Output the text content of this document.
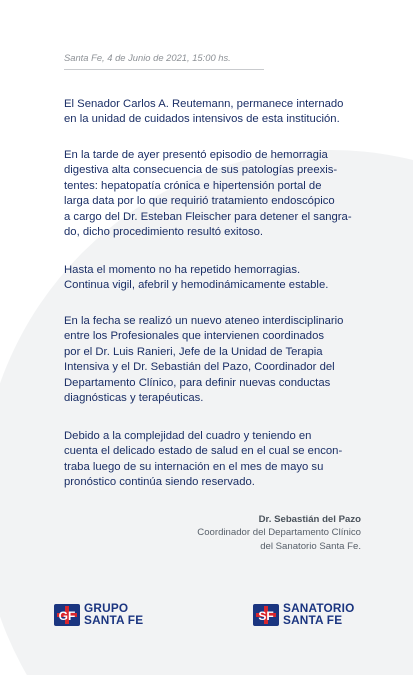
Santa Fe, 4 de Junio de 2021, 15:00 hs.

El Senador Carlos A. Reutemann, permanece internado
en la unidad de cuidados intensivos de esta institución.

En la tarde de ayer presentó episodio de hemorragia
digestiva alta consecuencia de sus patologías preexis-
tentes: hepatopatía crónica e hipertensión portal de
larga data por lo que requirió tratamiento endoscópico
a cargo del Dr. Esteban Fleischer para detener el sangra-
do, dicho procedimiento resultó exitoso.

Hasta el momento no ha repetido hemorragias.
Continua vigil, afebril y hemodinámicamente estable.

En la fecha se realizó un nuevo ateneo interdisciplinario
entre los Profesionales que intervienen coordinados
por el Dr. Luis Ranieri, Jefe de la Unidad de Terapia
Intensiva y el Dr. Sebastián del Pazo, Coordinador del
Departamento Clínico, para definir nuevas conductas
diagnósticas y terapéuticas.

Debido a la complejidad del cuadro y teniendo en
cuenta el delicado estado de salud en el cual se encon-
traba luego de su internación en el mes de mayo su
pronóstico continúa siendo reservado.

Dr. Sebastián del Pazo
Coordinador del Departamento Clínico
del Sanatorio Santa Fe.
GF
GRUPO
SANTA FE	SF
SANATORIO
SANTA FE
